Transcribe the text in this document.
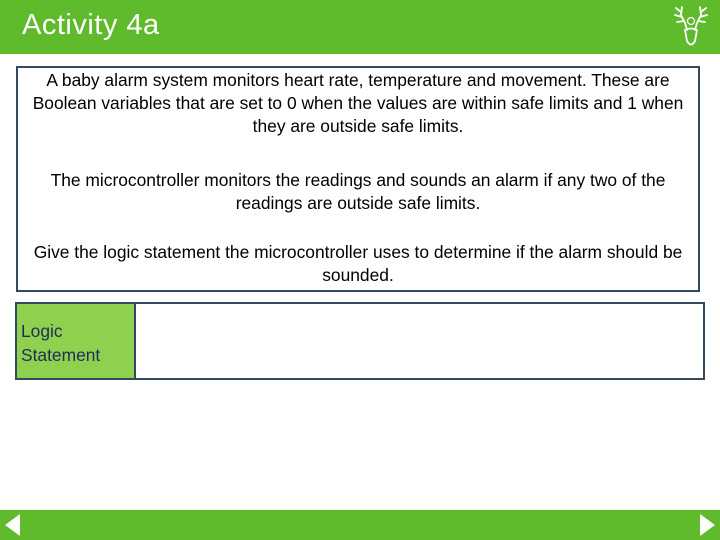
Activity 4a

A baby alarm system monitors heart rate, temperature and movement. These are Boolean variables that are set to 0 when the values are within safe limits and 1 when they are outside safe limits.

The microcontroller monitors the readings and sounds an alarm if any two of the readings are outside safe limits.

Give the logic statement the microcontroller uses to determine if the alarm should be sounded.

Logic
Statement
